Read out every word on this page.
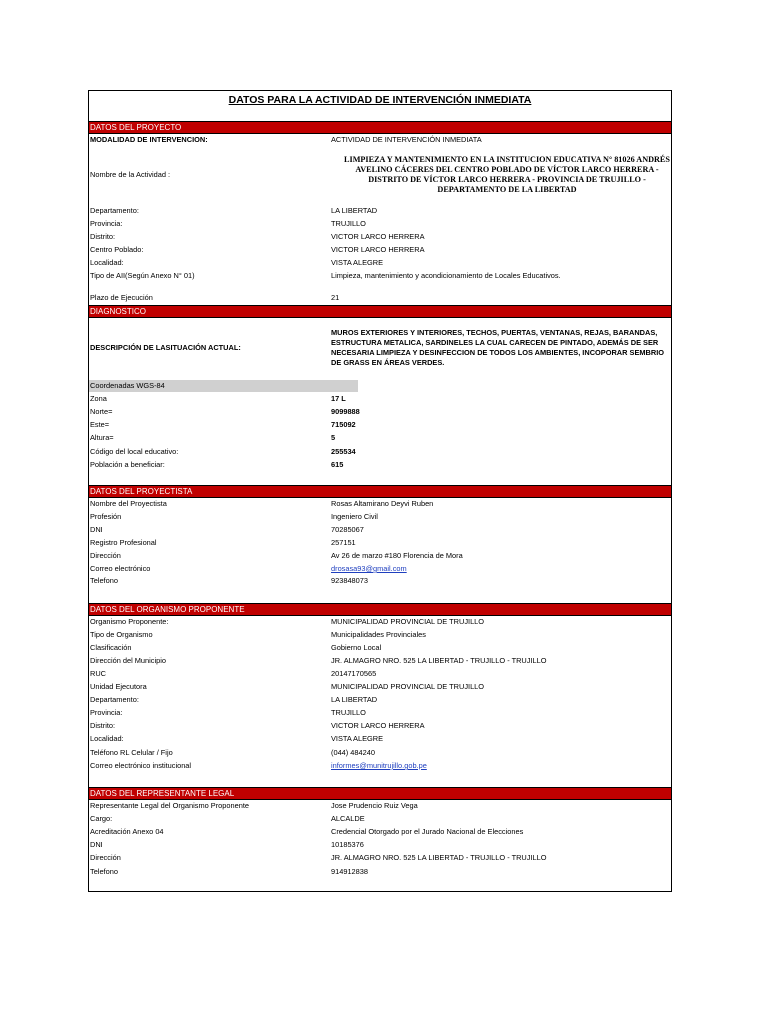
DATOS PARA LA ACTIVIDAD DE INTERVENCIÓN INMEDIATA
DATOS DEL PROYECTO
MODALIDAD DE INTERVENCION:	ACTIVIDAD DE INTERVENCIÓN INMEDIATA
Nombre de la Actividad :
LIMPIEZA Y MANTENIMIENTO EN LA INSTITUCION EDUCATIVA N° 81026 ANDRÉS AVELINO CÁCERES DEL CENTRO POBLADO DE VÍCTOR LARCO HERRERA - DISTRITO DE VÍCTOR LARCO HERRERA - PROVINCIA DE TRUJILLO - DEPARTAMENTO DE LA LIBERTAD
Departamento:	LA LIBERTAD
Provincia:	TRUJILLO
Distrito:	VICTOR LARCO HERRERA
Centro Poblado:	VICTOR LARCO HERRERA
Localidad:	VISTA ALEGRE
Tipo de AII(Según Anexo N° 01)	Limpieza, mantenimiento y acondicionamiento de Locales Educativos.
Plazo de Ejecución	21
DIAGNOSTICO
DESCRIPCIÓN DE LASITUACIÓN ACTUAL:
MUROS EXTERIORES Y INTERIORES, TECHOS, PUERTAS, VENTANAS, REJAS, BARANDAS, ESTRUCTURA METALICA, SARDINELES LA CUAL CARECEN DE PINTADO, ADEMÁS DE SER NECESARIA LIMPIEZA Y DESINFECCION DE TODOS LOS AMBIENTES, INCOPORAR SEMBRIO DE GRASS EN ÁREAS VERDES.
Coordenadas WGS-84
Zona	17 L
Norte=	9099888
Este=	715092
Altura=	5
Código del local educativo:	255534
Población a beneficiar:	615
DATOS DEL PROYECTISTA
Nombre del Proyectista	Rosas Altamirano Deyvi Ruben
Profesión	Ingeniero Civil
DNI	70285067
Registro Profesional	257151
Dirección	Av 26 de marzo #180 Florencia de Mora
Correo electrónico	drosasa93@gmail.com
Telefono	923848073
DATOS DEL ORGANISMO PROPONENTE
Organismo Proponente:	MUNICIPALIDAD PROVINCIAL DE TRUJILLO
Tipo de Organismo	Municipalidades Provinciales
Clasificación	Gobierno Local
Dirección del Municipio	JR. ALMAGRO NRO. 525 LA LIBERTAD - TRUJILLO - TRUJILLO
RUC	20147170565
Unidad Ejecutora	MUNICIPALIDAD PROVINCIAL DE TRUJILLO
Departamento:	LA LIBERTAD
Provincia:	TRUJILLO
Distrito:	VICTOR LARCO HERRERA
Localidad:	VISTA ALEGRE
Teléfono RL Celular / Fijo	(044) 484240
Correo electrónico institucional	informes@munitrujillo.gob.pe
DATOS DEL REPRESENTANTE LEGAL
Representante Legal del Organismo Proponente	Jose Prudencio Ruiz Vega
Cargo:	ALCALDE
Acreditación Anexo 04	Credencial Otorgado por el Jurado Nacional de Elecciones
DNI	10185376
Dirección	JR. ALMAGRO NRO. 525 LA LIBERTAD - TRUJILLO - TRUJILLO
Telefono	914912838
